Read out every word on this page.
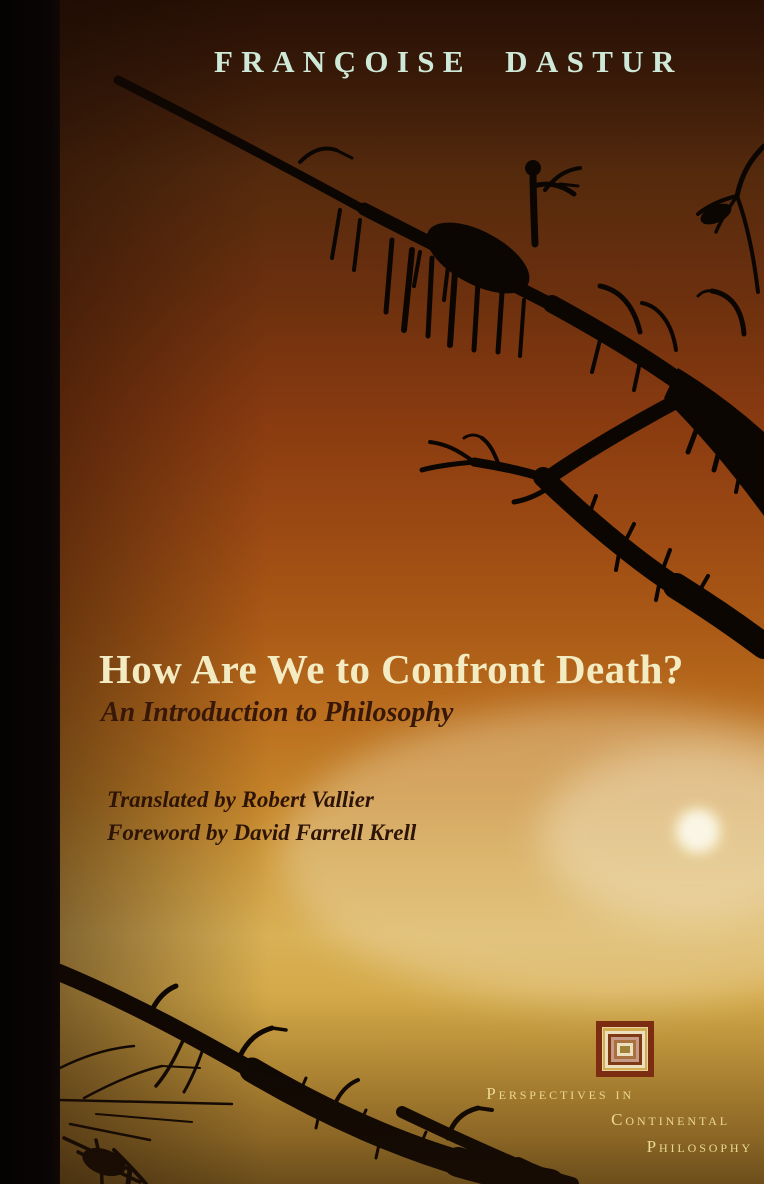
FRANÇOISE DASTUR
How Are We to Confront Death?
An Introduction to Philosophy
Translated by Robert Vallier
Foreword by David Farrell Krell
Perspectives in
Continental
Philosophy
